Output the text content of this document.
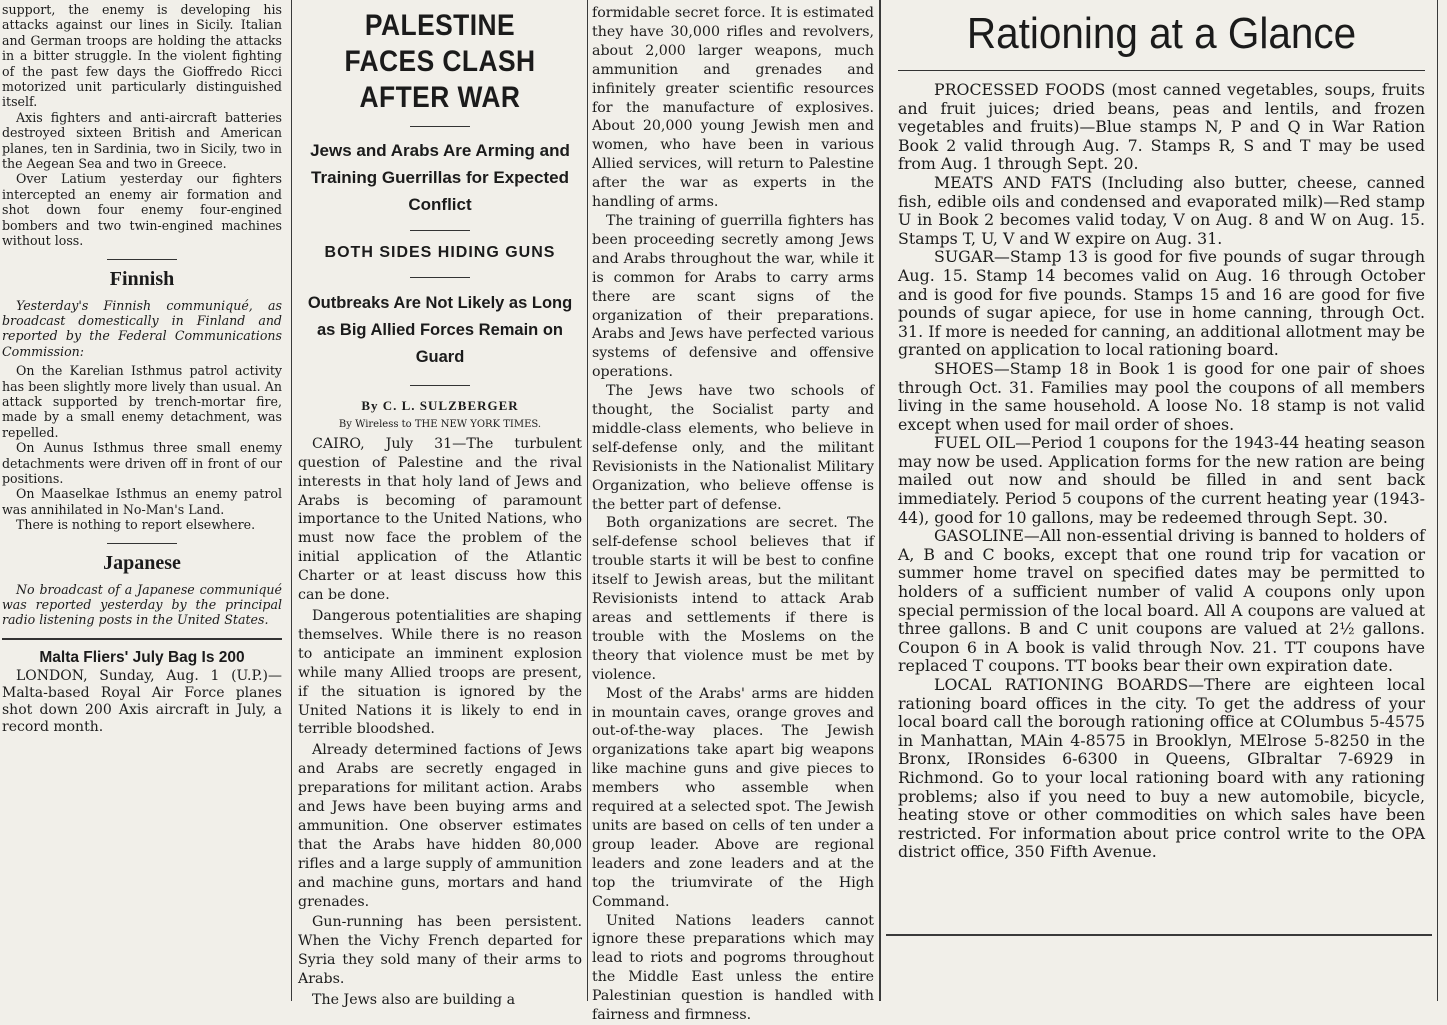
support, the enemy is developing his attacks against our lines in Sicily. Italian and German troops are holding the attacks in a bitter struggle. In the violent fighting of the past few days the Gioffredo Ricci motorized unit particularly distinguished itself.

Axis fighters and anti-aircraft batteries destroyed sixteen British and American planes, ten in Sardinia, two in Sicily, two in the Aegean Sea and two in Greece.

Over Latium yesterday our fighters intercepted an enemy air formation and shot down four enemy four-engined bombers and two twin-engined machines without loss.

Finnish

Yesterday's Finnish communiqué, as broadcast domestically in Finland and reported by the Federal Communications Commission:

On the Karelian Isthmus patrol activity has been slightly more lively than usual. An attack supported by trench-mortar fire, made by a small enemy detachment, was repelled.

On Aunus Isthmus three small enemy detachments were driven off in front of our positions.

On Maaselkae Isthmus an enemy patrol was annihilated in No-Man's Land.

There is nothing to report elsewhere.

Japanese

No broadcast of a Japanese communiqué was reported yesterday by the principal radio listening posts in the United States.

Malta Fliers' July Bag Is 200

LONDON, Sunday, Aug. 1 (U.P.)—Malta-based Royal Air Force planes shot down 200 Axis aircraft in July, a record month.

PALESTINE FACES CLASH AFTER WAR
Jews and Arabs Are Arming and Training Guerrillas for Expected Conflict
BOTH SIDES HIDING GUNS
Outbreaks Are Not Likely as Long as Big Allied Forces Remain on Guard
By C. L. SULZBERGER
By Wireless to THE NEW YORK TIMES.

CAIRO, July 31—The turbulent question of Palestine and the rival interests in that holy land of Jews and Arabs is becoming of paramount importance to the United Nations, who must now face the problem of the initial application of the Atlantic Charter or at least discuss how this can be done.

Dangerous potentialities are shaping themselves. While there is no reason to anticipate an imminent explosion while many Allied troops are present, if the situation is ignored by the United Nations it is likely to end in terrible bloodshed.

Already determined factions of Jews and Arabs are secretly engaged in preparations for militant action. Arabs and Jews have been buying arms and ammunition. One observer estimates that the Arabs have hidden 80,000 rifles and a large supply of ammunition and machine guns, mortars and hand grenades.

Gun-running has been persistent. When the Vichy French departed for Syria they sold many of their arms to Arabs.

The Jews also are building a

formidable secret force. It is estimated they have 30,000 rifles and revolvers, about 2,000 larger weapons, much ammunition and grenades and infinitely greater scientific resources for the manufacture of explosives. About 20,000 young Jewish men and women, who have been in various Allied services, will return to Palestine after the war as experts in the handling of arms.

The training of guerrilla fighters has been proceeding secretly among Jews and Arabs throughout the war, while it is common for Arabs to carry arms there are scant signs of the organization of their preparations. Arabs and Jews have perfected various systems of defensive and offensive operations.

The Jews have two schools of thought, the Socialist party and middle-class elements, who believe in self-defense only, and the militant Revisionists in the Nationalist Military Organization, who believe offense is the better part of defense.

Both organizations are secret. The self-defense school believes that if trouble starts it will be best to confine itself to Jewish areas, but the militant Revisionists intend to attack Arab areas and settlements if there is trouble with the Moslems on the theory that violence must be met by violence.

Most of the Arabs' arms are hidden in mountain caves, orange groves and out-of-the-way places. The Jewish organizations take apart big weapons like machine guns and give pieces to members who assemble when required at a selected spot. The Jewish units are based on cells of ten under a group leader. Above are regional leaders and zone leaders and at the top the triumvirate of the High Command.

United Nations leaders cannot ignore these preparations which may lead to riots and pogroms throughout the Middle East unless the entire Palestinian question is handled with fairness and firmness.

Rationing at a Glance

PROCESSED FOODS (most canned vegetables, soups, fruits and fruit juices; dried beans, peas and lentils, and frozen vegetables and fruits)—Blue stamps N, P and Q in War Ration Book 2 valid through Aug. 7. Stamps R, S and T may be used from Aug. 1 through Sept. 20.

MEATS AND FATS (Including also butter, cheese, canned fish, edible oils and condensed and evaporated milk)—Red stamp U in Book 2 becomes valid today, V on Aug. 8 and W on Aug. 15. Stamps T, U, V and W expire on Aug. 31.

SUGAR—Stamp 13 is good for five pounds of sugar through Aug. 15. Stamp 14 becomes valid on Aug. 16 through October and is good for five pounds. Stamps 15 and 16 are good for five pounds of sugar apiece, for use in home canning, through Oct. 31. If more is needed for canning, an additional allotment may be granted on application to local rationing board.

SHOES—Stamp 18 in Book 1 is good for one pair of shoes through Oct. 31. Families may pool the coupons of all members living in the same household. A loose No. 18 stamp is not valid except when used for mail order of shoes.

FUEL OIL—Period 1 coupons for the 1943-44 heating season may now be used. Application forms for the new ration are being mailed out now and should be filled in and sent back immediately. Period 5 coupons of the current heating year (1943-44), good for 10 gallons, may be redeemed through Sept. 30.

GASOLINE—All non-essential driving is banned to holders of A, B and C books, except that one round trip for vacation or summer home travel on specified dates may be permitted to holders of a sufficient number of valid A coupons only upon special permission of the local board. All A coupons are valued at three gallons. B and C unit coupons are valued at 2½ gallons. Coupon 6 in A book is valid through Nov. 21. TT coupons have replaced T coupons. TT books bear their own expiration date.

LOCAL RATIONING BOARDS—There are eighteen local rationing board offices in the city. To get the address of your local board call the borough rationing office at COlumbus 5-4575 in Manhattan, MAin 4-8575 in Brooklyn, MElrose 5-8250 in the Bronx, IRonsides 6-6300 in Queens, GIbraltar 7-6929 in Richmond. Go to your local rationing board with any rationing problems; also if you need to buy a new automobile, bicycle, heating stove or other commodities on which sales have been restricted. For information about price control write to the OPA district office, 350 Fifth Avenue.
